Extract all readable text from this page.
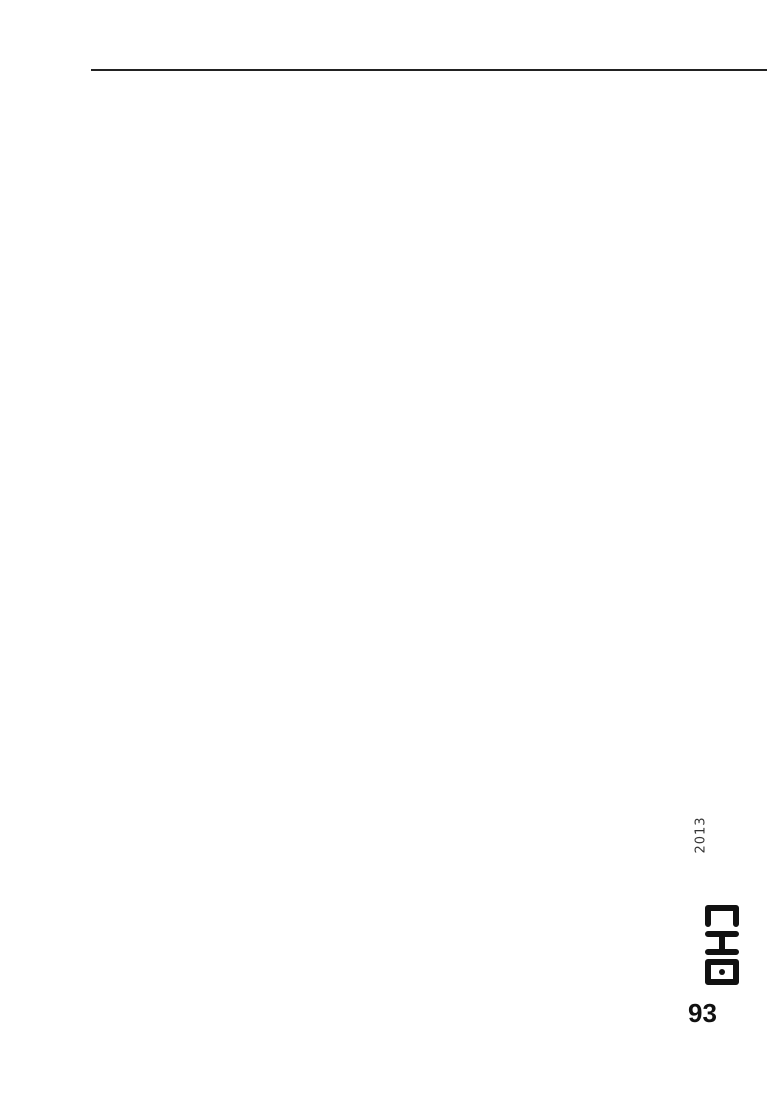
2013
93
